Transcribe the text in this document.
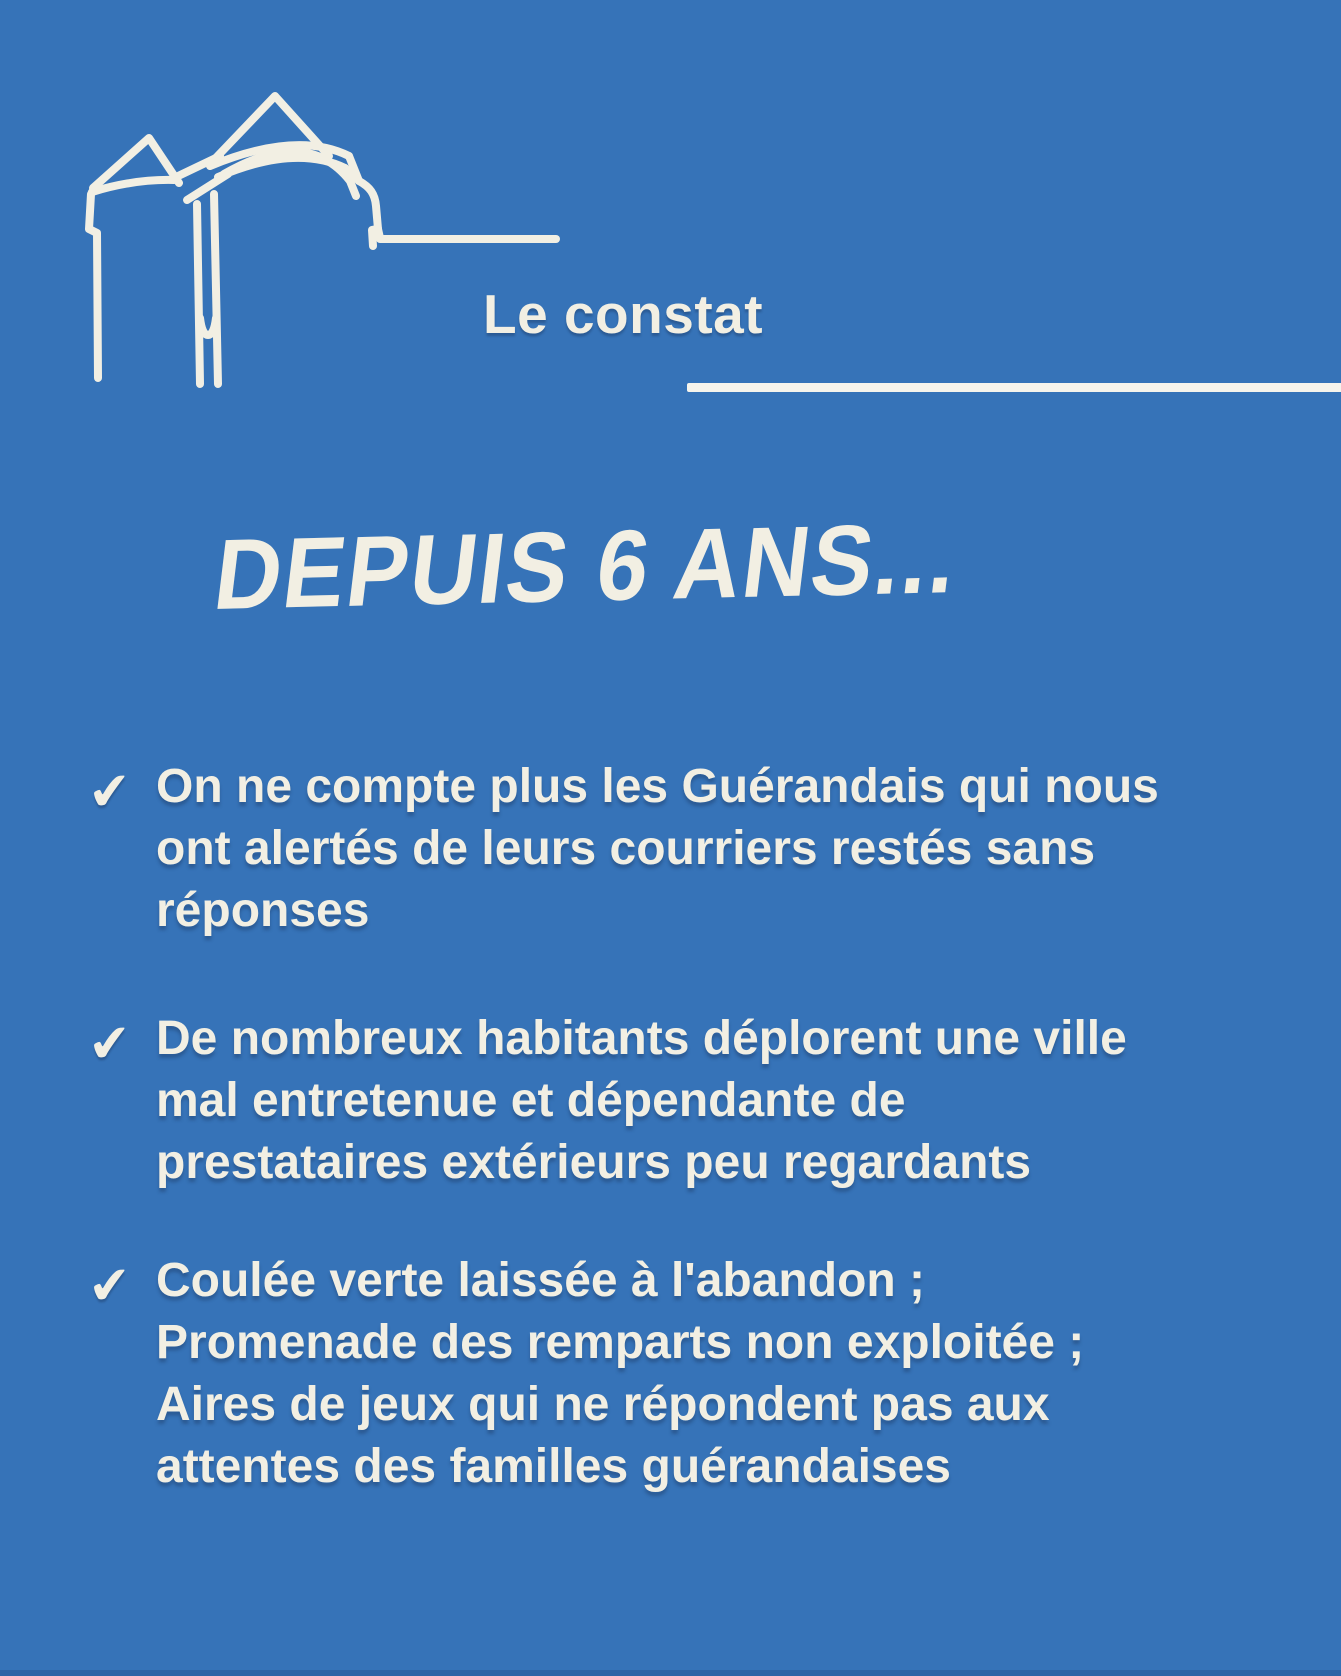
Le constat
DEPUIS 6 ANS...
✔ On ne compte plus les Guérandais qui nous
ont alertés de leurs courriers restés sans
réponses
✔ De nombreux habitants déplorent une ville
mal entretenue et dépendante de
prestataires extérieurs peu regardants
✔ Coulée verte laissée à l'abandon ;
Promenade des remparts non exploitée ;
Aires de jeux qui ne répondent pas aux
attentes des familles guérandaises
